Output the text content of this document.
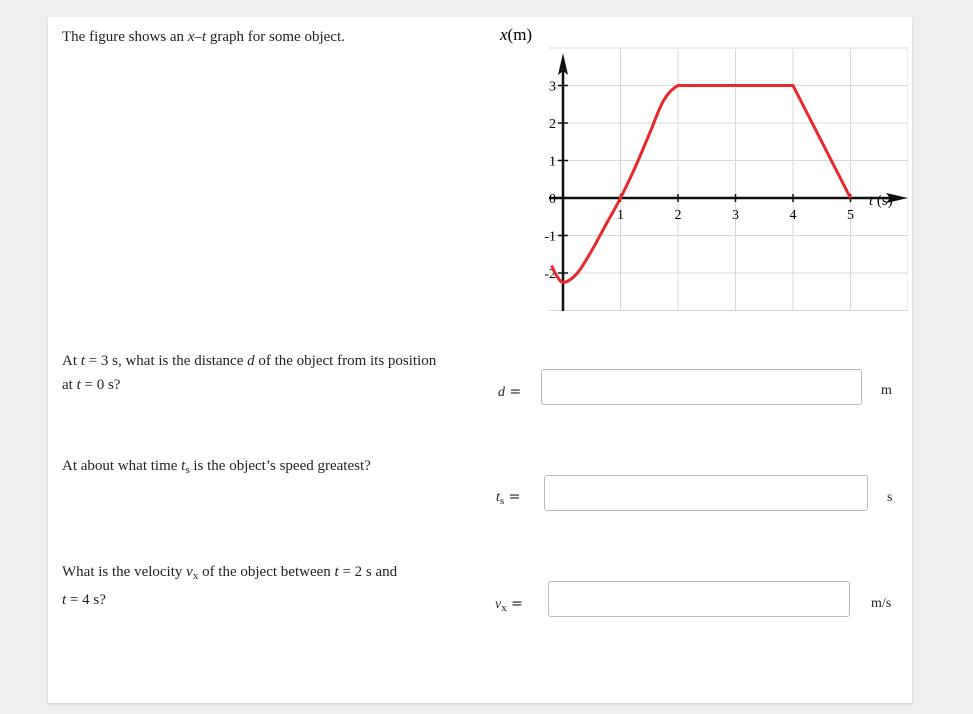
The figure shows an x–t graph for some object.
1	2	3	4	5
3
2
1
0
-1
-2
x(m)
t (s)
At t = 3 s, what is the distance d of the object from its position at t = 0 s?	d =	m
At about what time $t_s$ is the object’s speed greatest?
$t_s$ =	s
What is the velocity $v_x$ of the object between t = 2 s and
t = 4 s?	$v_x$ =	m/s
